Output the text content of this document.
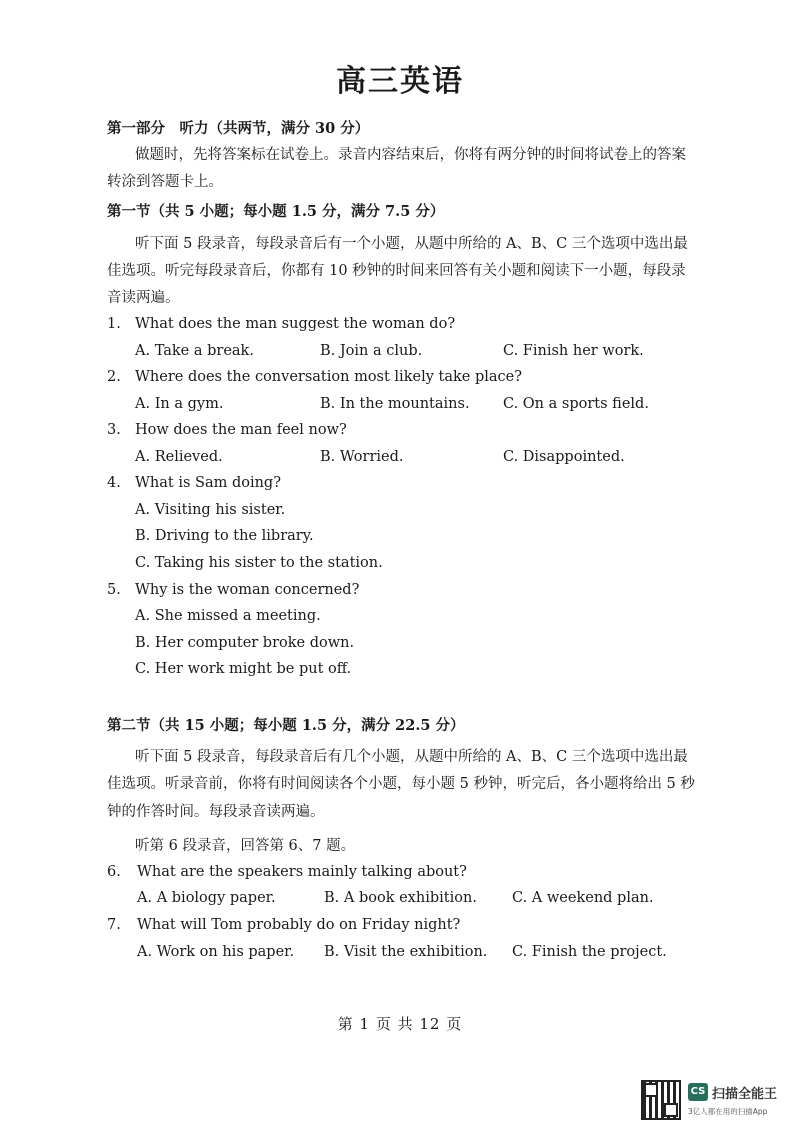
高三英语
第一部分　听力（共两节，满分 30 分）
做题时，先将答案标在试卷上。录音内容结束后，你将有两分钟的时间将试卷上的答案
转涂到答题卡上。
第一节（共 5 小题；每小题 1.5 分，满分 7.5 分）
听下面 5 段录音，每段录音后有一个小题，从题中所给的 A、B、C 三个选项中选出最
佳选项。听完每段录音后，你都有 10 秒钟的时间来回答有关小题和阅读下一小题，每段录
音读两遍。
1. What does the man suggest the woman do?
A. Take a break.	B. Join a club.	C. Finish her work.
2. Where does the conversation most likely take place?
A. In a gym.	B. In the mountains. C. On a sports field.
3. How does the man feel now?
A. Relieved.	B. Worried.	C. Disappointed.
4. What is Sam doing?
A. Visiting his sister.
B. Driving to the library.
C. Taking his sister to the station.
5. Why is the woman concerned?
A. She missed a meeting.
B. Her computer broke down.
C. Her work might be put off.
第二节（共 15 小题；每小题 1.5 分，满分 22.5 分）
听下面 5 段录音，每段录音后有几个小题，从题中所给的 A、B、C 三个选项中选出最
佳选项。听录音前，你将有时间阅读各个小题，每小题 5 秒钟，听完后，各小题将给出 5 秒
钟的作答时间。每段录音读两遍。
听第 6 段录音，回答第 6、7 题。
6. What are the speakers mainly talking about?
A. A biology paper.	B. A book exhibition. C. A weekend plan.
7. What will Tom probably do on Friday night?
A. Work on his paper. B. Visit the exhibition. C. Finish the project.
第 1 页 共 12 页
CS 扫描全能王
3亿人都在用的扫描App
